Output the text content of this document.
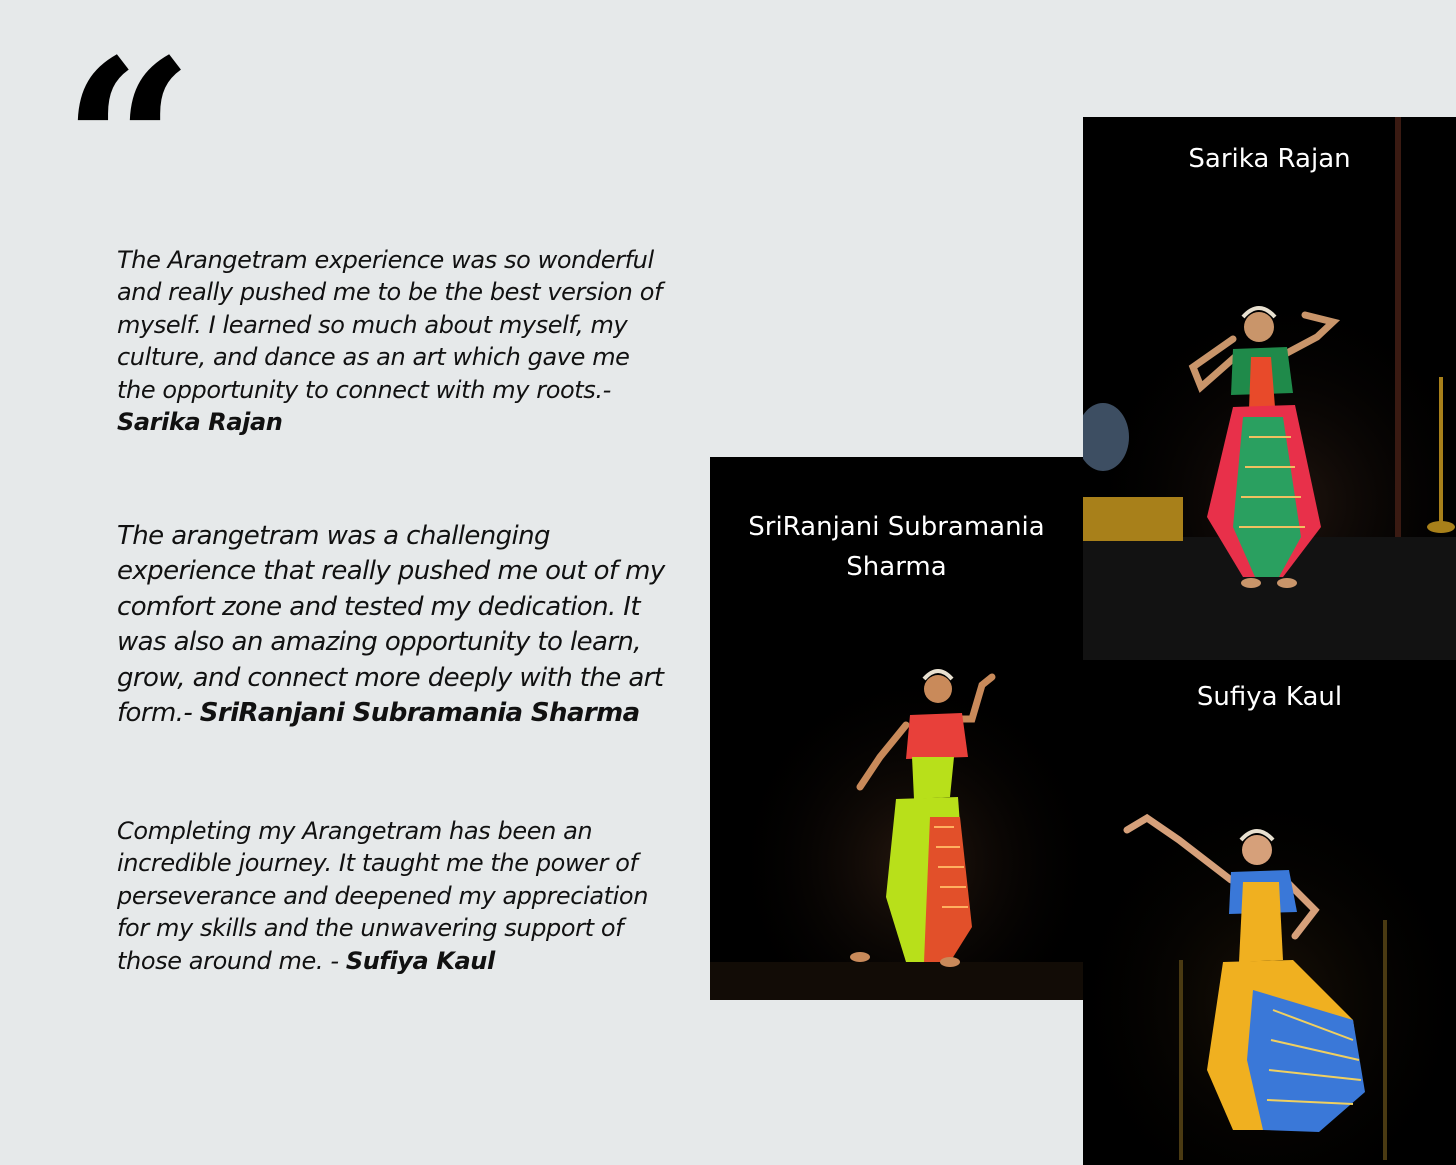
“

The Arangetram experience was so wonderful and really pushed me to be the best version of myself. I learned so much about myself, my culture, and dance as an art which gave me the opportunity to connect with my roots.- Sarika Rajan

The arangetram was a challenging experience that really pushed me out of my comfort zone and tested my dedication. It was also an amazing opportunity to learn, grow, and connect more deeply with the art form.- SriRanjani Subramania Sharma

Completing my Arangetram has been an incredible journey. It taught me the power of perseverance and deepened my appreciation for my skills and the unwavering support of those around me. - Sufiya Kaul

SriRanjani Subramania
Sharma
Sarika Rajan
Sufiya Kaul
